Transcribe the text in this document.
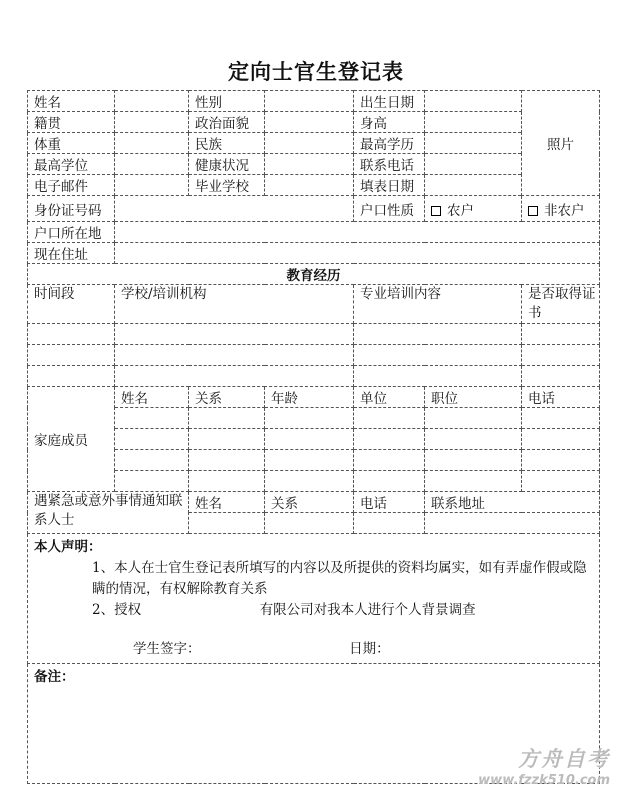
定向士官生登记表
姓名		性别		出生日期		照片
籍贯		政治面貌		身高		
体重		民族		最高学历		
最高学位		健康状况		联系电话		
电子邮件		毕业学校		填表日期		
身份证号码				户口性质	农户	非农户
户口所在地						
现在住址						
教育经历						
时间段	学校/培训机构			专业培训内容		是否取得证书

家庭成员	姓名	关系	年龄	单位	职位	电话

遇紧急或意外事情通知联系人士		姓名	关系	电话	联系地址	

本人声明：

1、本人在士官生登记表所填写的内容以及所提供的资料均属实，如有弄虚作假或隐瞒的情况，有权解除教育关系

2、授权 有限公司对我本人进行个人背景调查

学生签字： 日期：						

备注：						

方舟自考
www.fzzk510.com
